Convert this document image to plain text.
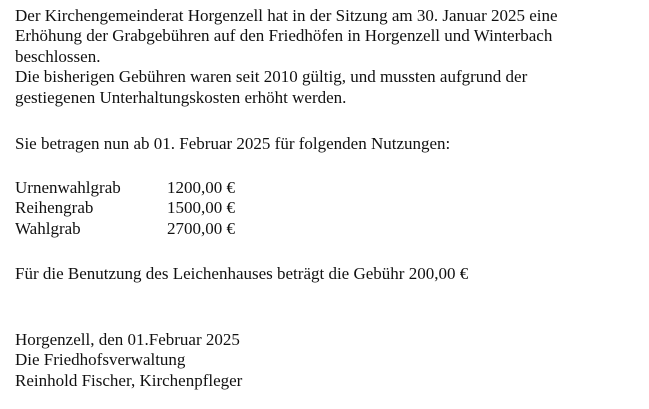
Der Kirchengemeinderat Horgenzell hat in der Sitzung am 30. Januar 2025 eine
Erhöhung der Grabgebühren auf den Friedhöfen in Horgenzell und Winterbach
beschlossen.
Die bisherigen Gebühren waren seit 2010 gültig, und mussten aufgrund der
gestiegenen Unterhaltungskosten erhöht werden.

Sie betragen nun ab 01. Februar 2025 für folgenden Nutzungen:

Urnenwahlgrab	1200,00 €
Reihengrab	1500,00 €
Wahlgrab	2700,00 €

Für die Benutzung des Leichenhauses beträgt die Gebühr 200,00 €

Horgenzell, den 01.Februar 2025
Die Friedhofsverwaltung
Reinhold Fischer, Kirchenpfleger
